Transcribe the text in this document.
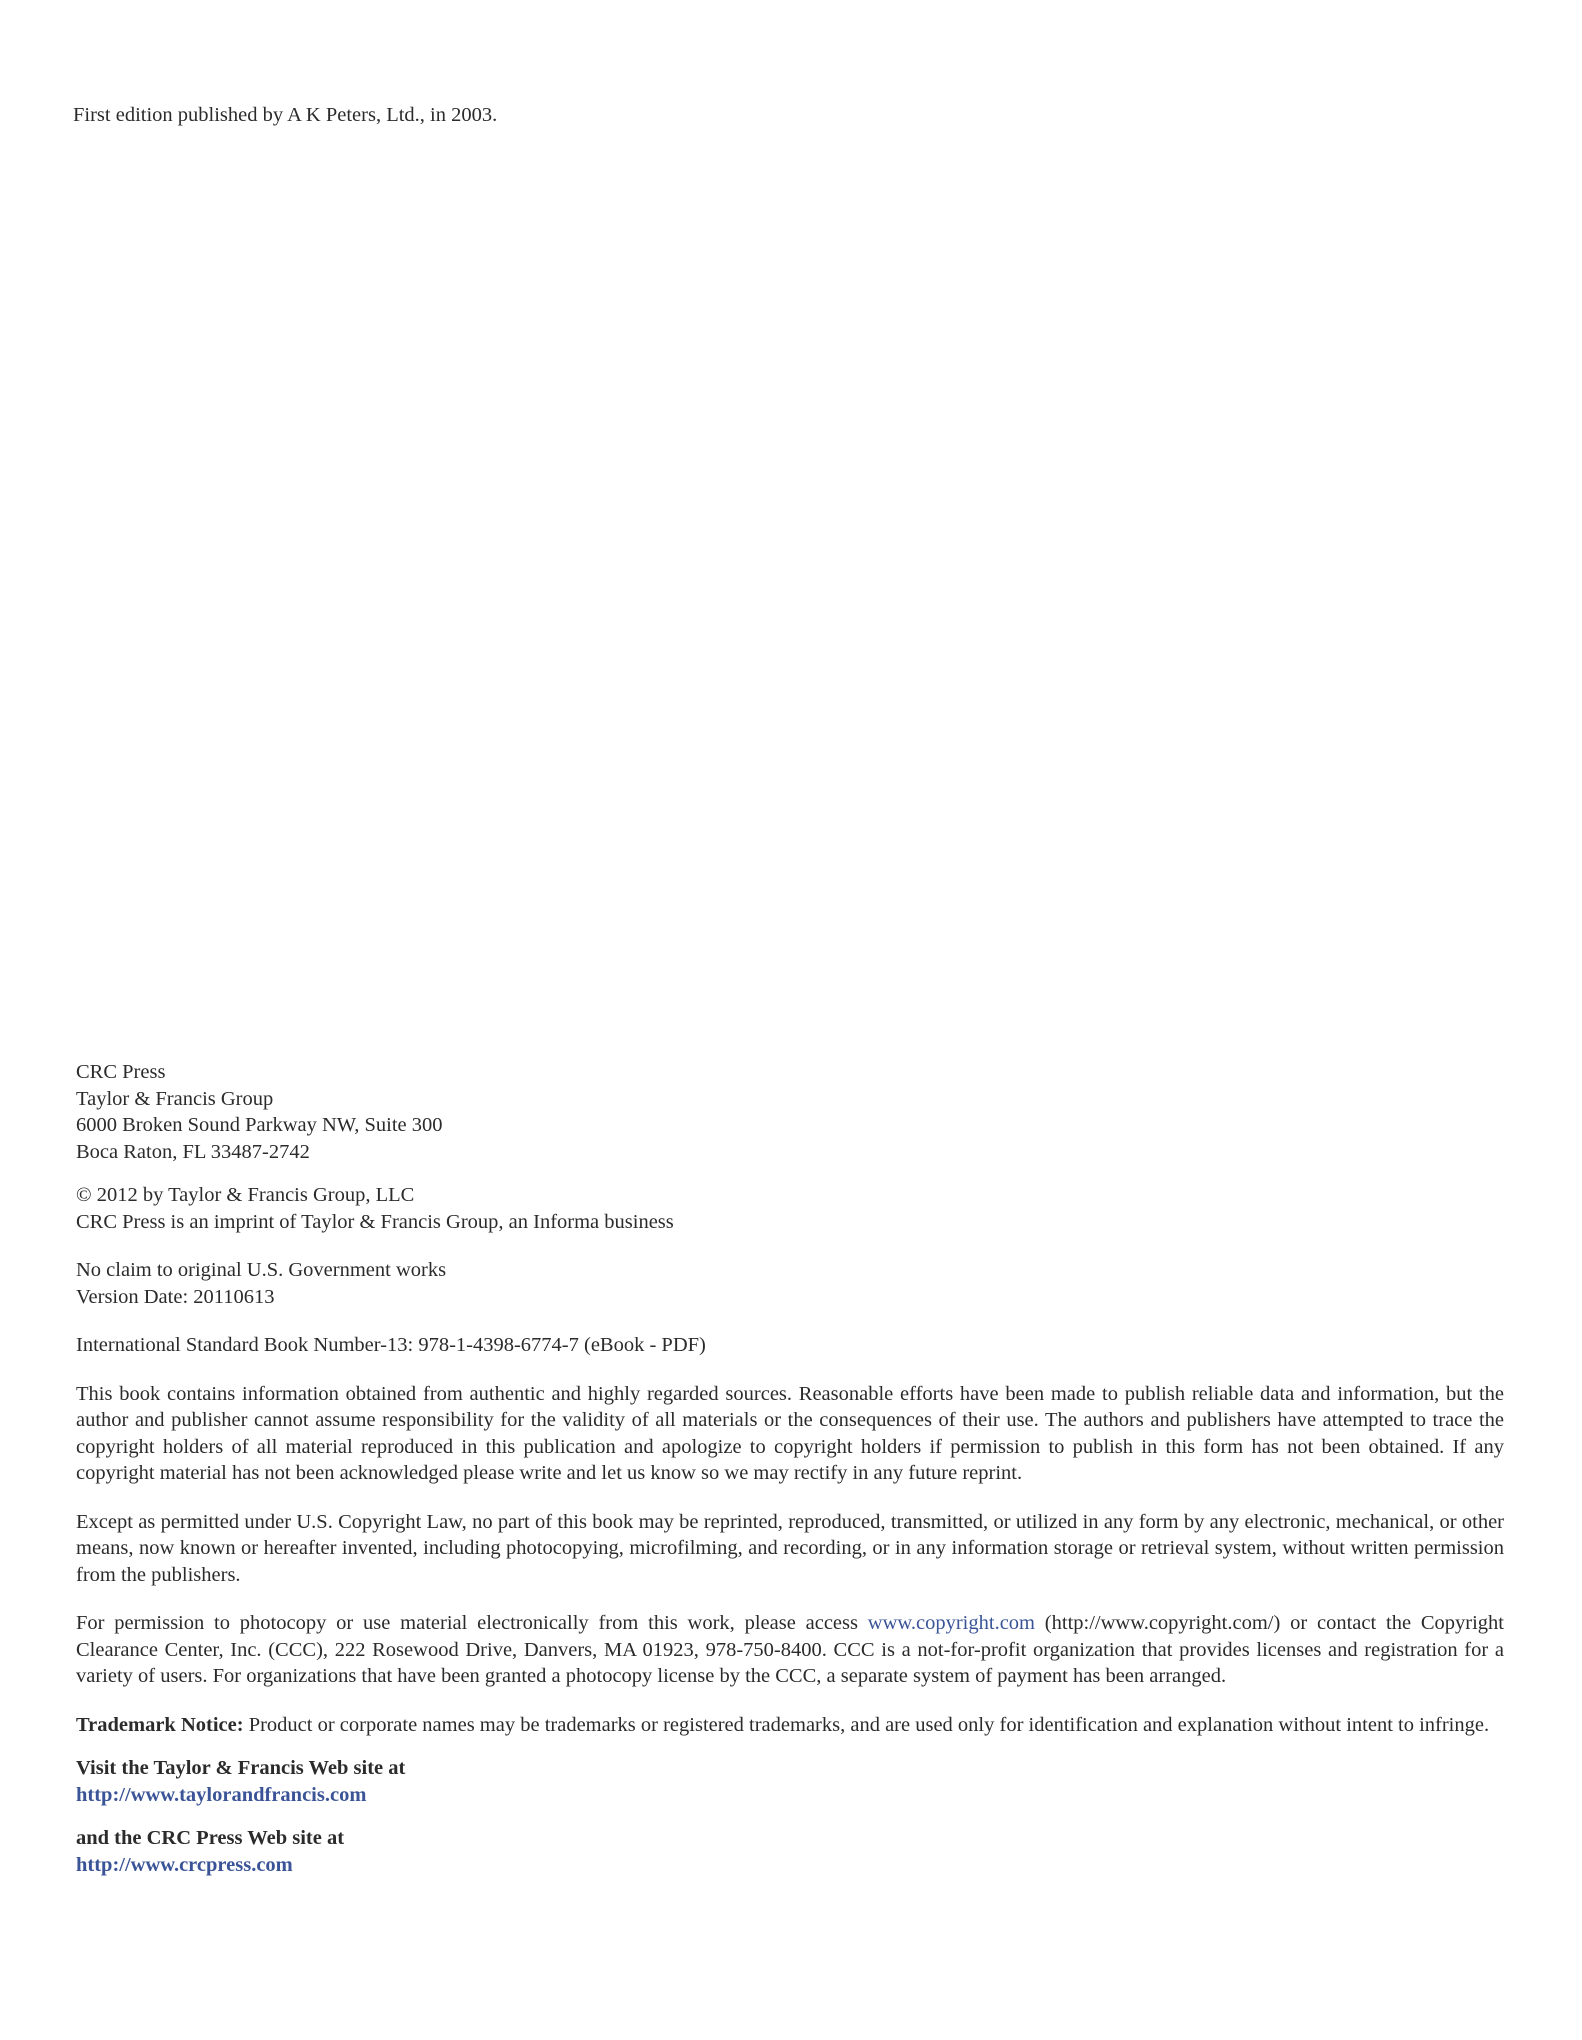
First edition published by A K Peters, Ltd., in 2003.

CRC Press
Taylor & Francis Group
6000 Broken Sound Parkway NW, Suite 300
Boca Raton, FL 33487-2742

© 2012 by Taylor & Francis Group, LLC
CRC Press is an imprint of Taylor & Francis Group, an Informa business

No claim to original U.S. Government works
Version Date: 20110613

International Standard Book Number-13: 978-1-4398-6774-7 (eBook - PDF)

This book contains information obtained from authentic and highly regarded sources. Reasonable efforts have been made to publish reliable data and information, but the author and publisher cannot assume responsibility for the validity of all materials or the consequences of their use. The authors and publishers have attempted to trace the copyright holders of all material reproduced in this publication and apologize to copyright holders if permission to publish in this form has not been obtained. If any copyright material has not been acknowledged please write and let us know so we may rectify in any future reprint.

Except as permitted under U.S. Copyright Law, no part of this book may be reprinted, reproduced, transmitted, or utilized in any form by any electronic, mechanical, or other means, now known or hereafter invented, including photocopying, microfilming, and recording, or in any information storage or retrieval system, without written permission from the publishers.

For permission to photocopy or use material electronically from this work, please access www.copyright.com (http://www.copyright.com/) or contact the Copyright Clearance Center, Inc. (CCC), 222 Rosewood Drive, Danvers, MA 01923, 978-750-8400. CCC is a not-for-profit organization that provides licenses and registration for a variety of users. For organizations that have been granted a photocopy license by the CCC, a separate system of payment has been arranged.

Trademark Notice: Product or corporate names may be trademarks or registered trademarks, and are used only for identification and explanation without intent to infringe.

Visit the Taylor & Francis Web site at
http://www.taylorandfrancis.com

and the CRC Press Web site at
http://www.crcpress.com
